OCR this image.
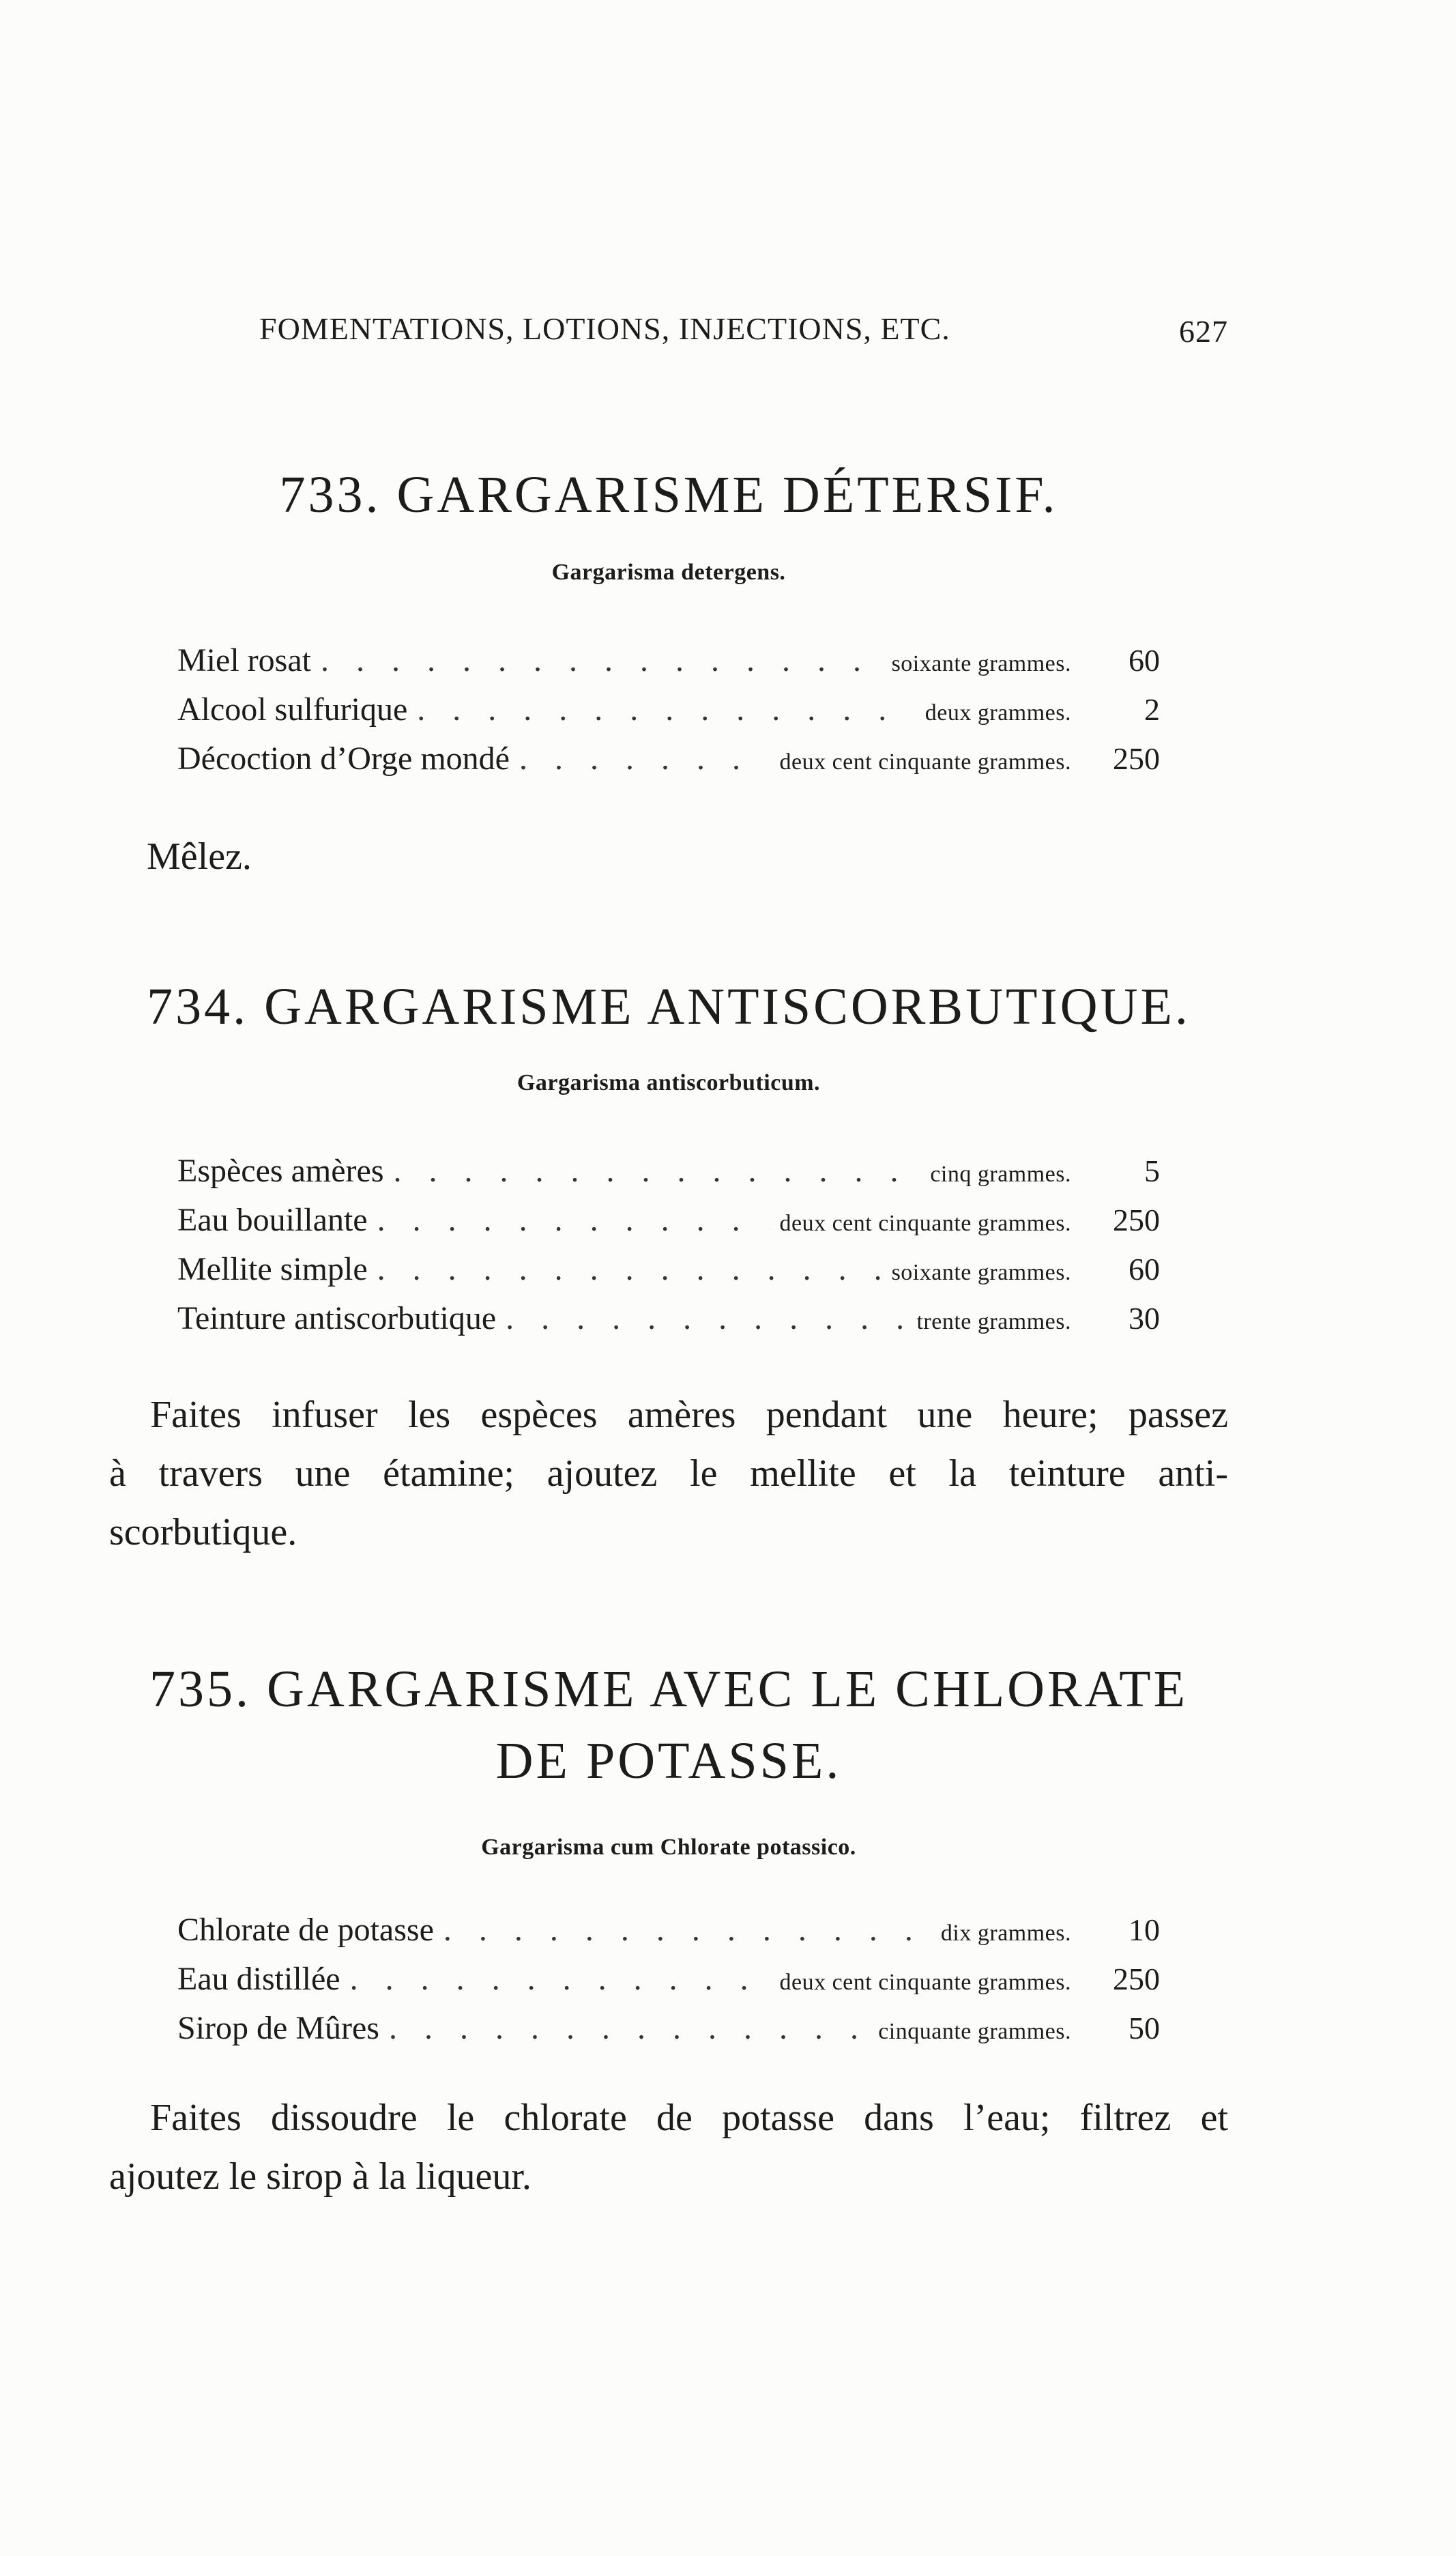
FOMENTATIONS, LOTIONS, INJECTIONS, ETC.	627
733. GARGARISME DÉTERSIF.
Gargarisma detergens.
Miel rosat . . .	soixante grammes.	60
Alcool sulfurique . . .	deux grammes.	2
Décoction d’Orge mondé . . .	deux cent cinquante grammes.	250
Mêlez.
734. GARGARISME ANTISCORBUTIQUE.
Gargarisma antiscorbuticum.
Espèces amères . . .	cinq grammes.	5
Eau bouillante . . .	deux cent cinquante grammes.	250
Mellite simple . . .	soixante grammes.	60
Teinture antiscorbutique . . .	trente grammes.	30
Faites infuser les espèces amères pendant une heure; passez
à travers une étamine; ajoutez le mellite et la teinture anti-
scorbutique.
735. GARGARISME AVEC LE CHLORATE
DE POTASSE.
Gargarisma cum Chlorate potassico.
Chlorate de potasse . . .	dix grammes.	10
Eau distillée . . .	deux cent cinquante grammes.	250
Sirop de Mûres . . .	cinquante grammes.	50
Faites dissoudre le chlorate de potasse dans l’eau; filtrez et
ajoutez le sirop à la liqueur.
